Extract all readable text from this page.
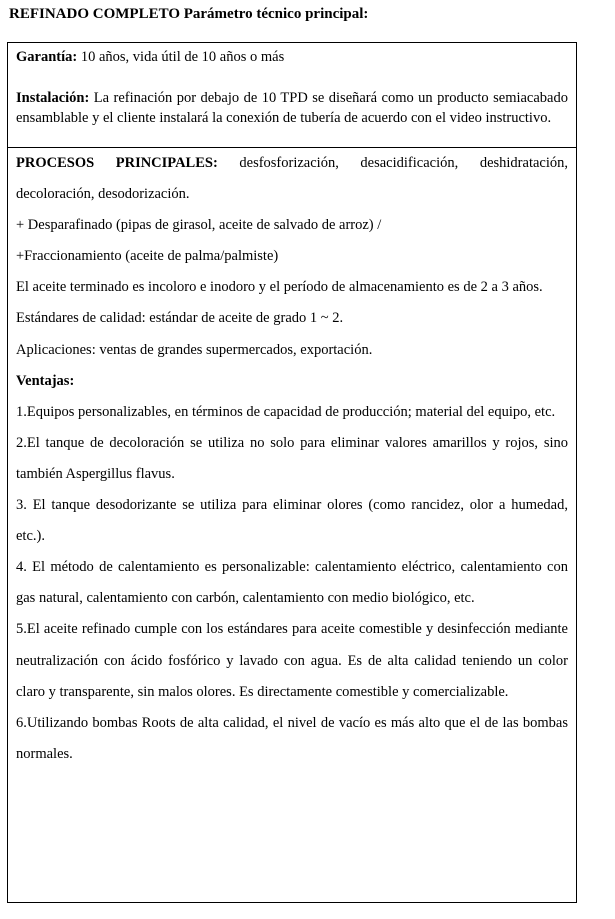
REFINADO COMPLETO Parámetro técnico principal:

Garantía: 10 años, vida útil de 10 años o más

Instalación: La refinación por debajo de 10 TPD se diseñará como un producto semiacabado ensamblable y el cliente instalará la conexión de tubería de acuerdo con el video instructivo.

PROCESOS PRINCIPALES: desfosforización, desacidificación, deshidratación, decoloración, desodorización.

+ Desparafinado (pipas de girasol, aceite de salvado de arroz) /

+Fraccionamiento (aceite de palma/palmiste)

El aceite terminado es incoloro e inodoro y el período de almacenamiento es de 2 a 3 años.

Estándares de calidad: estándar de aceite de grado 1 ~ 2.

Aplicaciones: ventas de grandes supermercados, exportación.

Ventajas:

1.Equipos personalizables, en términos de capacidad de producción; material del equipo, etc.

2.El tanque de decoloración se utiliza no solo para eliminar valores amarillos y rojos, sino también Aspergillus flavus.

3. El tanque desodorizante se utiliza para eliminar olores (como rancidez, olor a humedad, etc.).

4. El método de calentamiento es personalizable: calentamiento eléctrico, calentamiento con gas natural, calentamiento con carbón, calentamiento con medio biológico, etc.

5.El aceite refinado cumple con los estándares para aceite comestible y desinfección mediante neutralización con ácido fosfórico y lavado con agua. Es de alta calidad teniendo un color claro y transparente, sin malos olores. Es directamente comestible y comercializable.

6.Utilizando bombas Roots de alta calidad, el nivel de vacío es más alto que el de las bombas normales.
